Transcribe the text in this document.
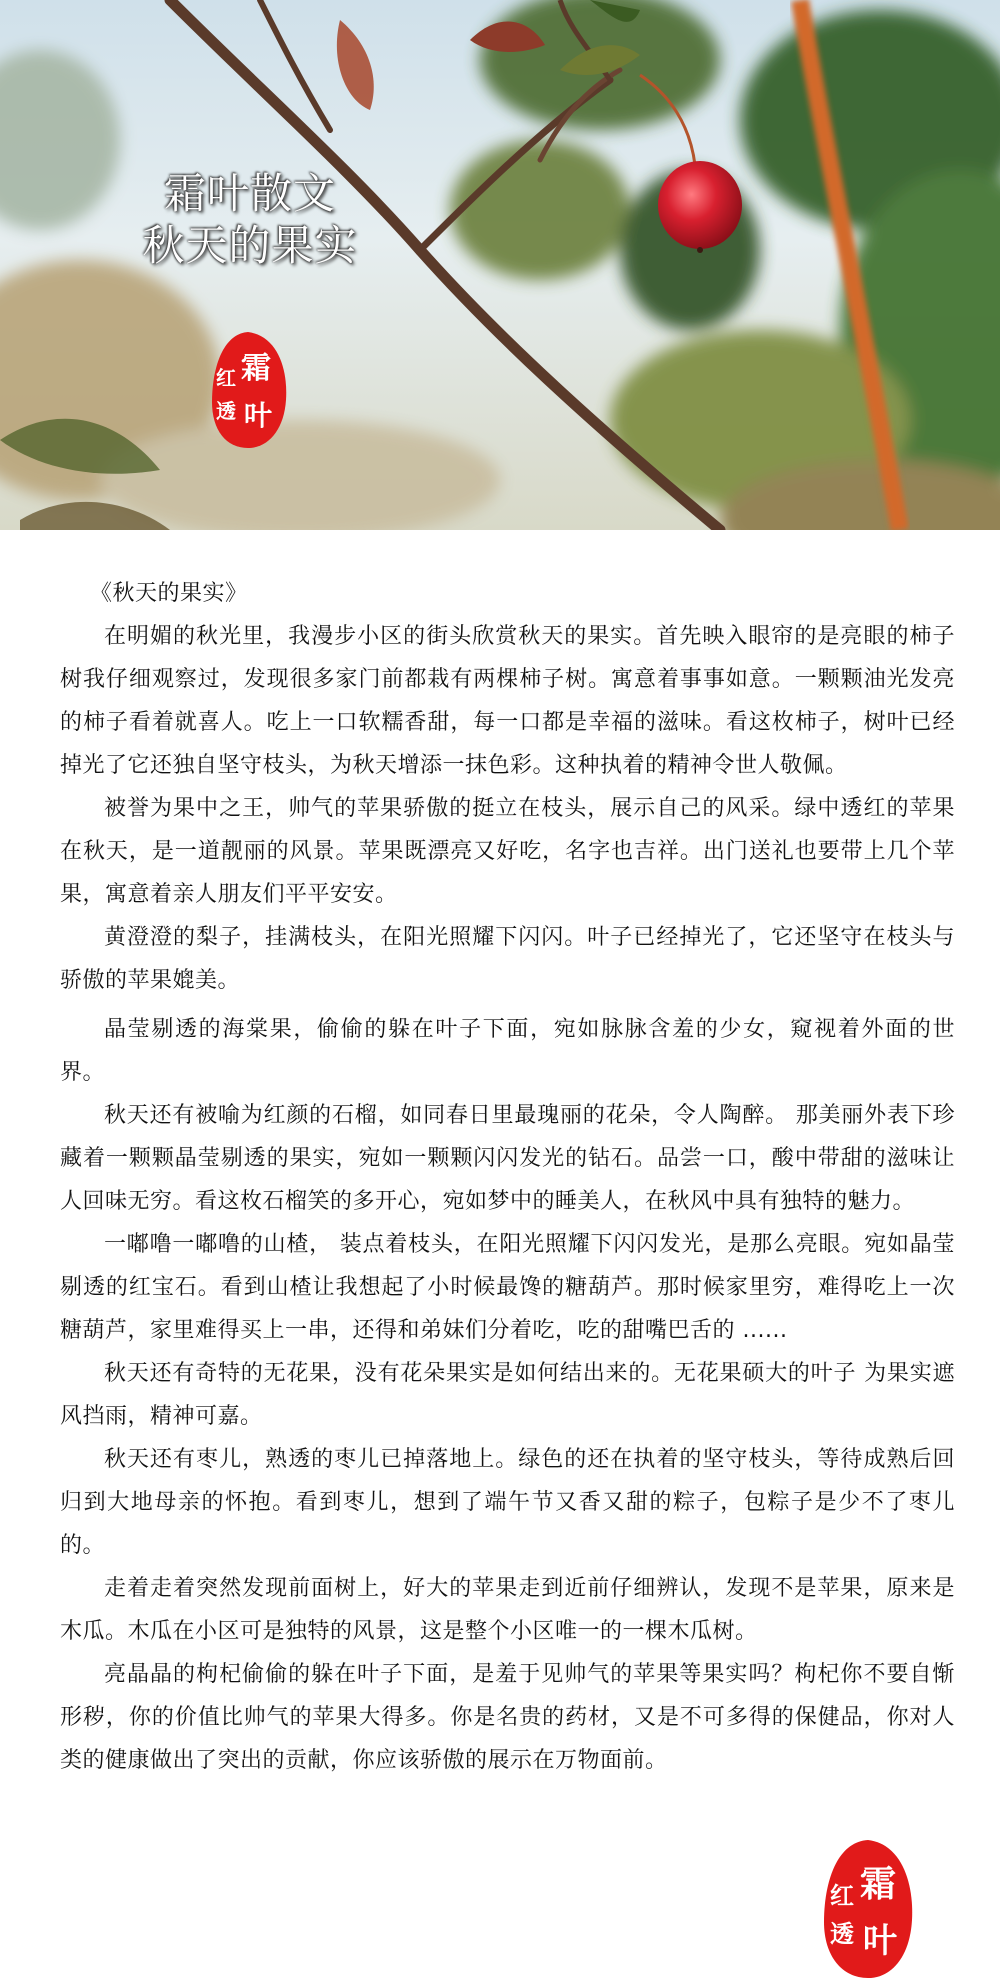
霜叶散文
秋天的果实
霜
红
透 叶
《秋天的果实》

在明媚的秋光里，我漫步小区的街头欣赏秋天的果实。首先映入眼帘的是亮眼的柿子树我仔细观察过，发现很多家门前都栽有两棵柿子树。寓意着事事如意。一颗颗油光发亮的柿子看着就喜人。吃上一口软糯香甜，每一口都是幸福的滋味。看这枚柿子，树叶已经掉光了它还独自坚守枝头，为秋天增添一抹色彩。这种执着的精神令世人敬佩。

被誉为果中之王，帅气的苹果骄傲的挺立在枝头，展示自己的风采。绿中透红的苹果在秋天，是一道靓丽的风景。苹果既漂亮又好吃，名字也吉祥。出门送礼也要带上几个苹果，寓意着亲人朋友们平平安安。

黄澄澄的梨子，挂满枝头，在阳光照耀下闪闪。叶子已经掉光了，它还坚守在枝头与骄傲的苹果媲美。

晶莹剔透的海棠果，偷偷的躲在叶子下面，宛如脉脉含羞的少女，窥视着外面的世界。

秋天还有被喻为红颜的石榴，如同春日里最瑰丽的花朵，令人陶醉。 那美丽外表下珍藏着一颗颗晶莹剔透的果实，宛如一颗颗闪闪发光的钻石。品尝一口，酸中带甜的滋味让人回味无穷。看这枚石榴笑的多开心，宛如梦中的睡美人，在秋风中具有独特的魅力。

一嘟噜一嘟噜的山楂， 装点着枝头，在阳光照耀下闪闪发光，是那么亮眼。宛如晶莹剔透的红宝石。看到山楂让我想起了小时候最馋的糖葫芦。那时候家里穷，难得吃上一次糖葫芦，家里难得买上一串，还得和弟妹们分着吃，吃的甜嘴巴舌的 ......

秋天还有奇特的无花果，没有花朵果实是如何结出来的。无花果硕大的叶子 为果实遮风挡雨，精神可嘉。

秋天还有枣儿，熟透的枣儿已掉落地上。绿色的还在执着的坚守枝头，等待成熟后回归到大地母亲的怀抱。看到枣儿，想到了端午节又香又甜的粽子，包粽子是少不了枣儿的。

走着走着突然发现前面树上，好大的苹果走到近前仔细辨认，发现不是苹果，原来是木瓜。木瓜在小区可是独特的风景，这是整个小区唯一的一棵木瓜树。

亮晶晶的枸杞偷偷的躲在叶子下面，是羞于见帅气的苹果等果实吗？枸杞你不要自惭形秽，你的价值比帅气的苹果大得多。你是名贵的药材，又是不可多得的保健品，你对人类的健康做出了突出的贡献，你应该骄傲的展示在万物面前。

霜
红
透 叶
